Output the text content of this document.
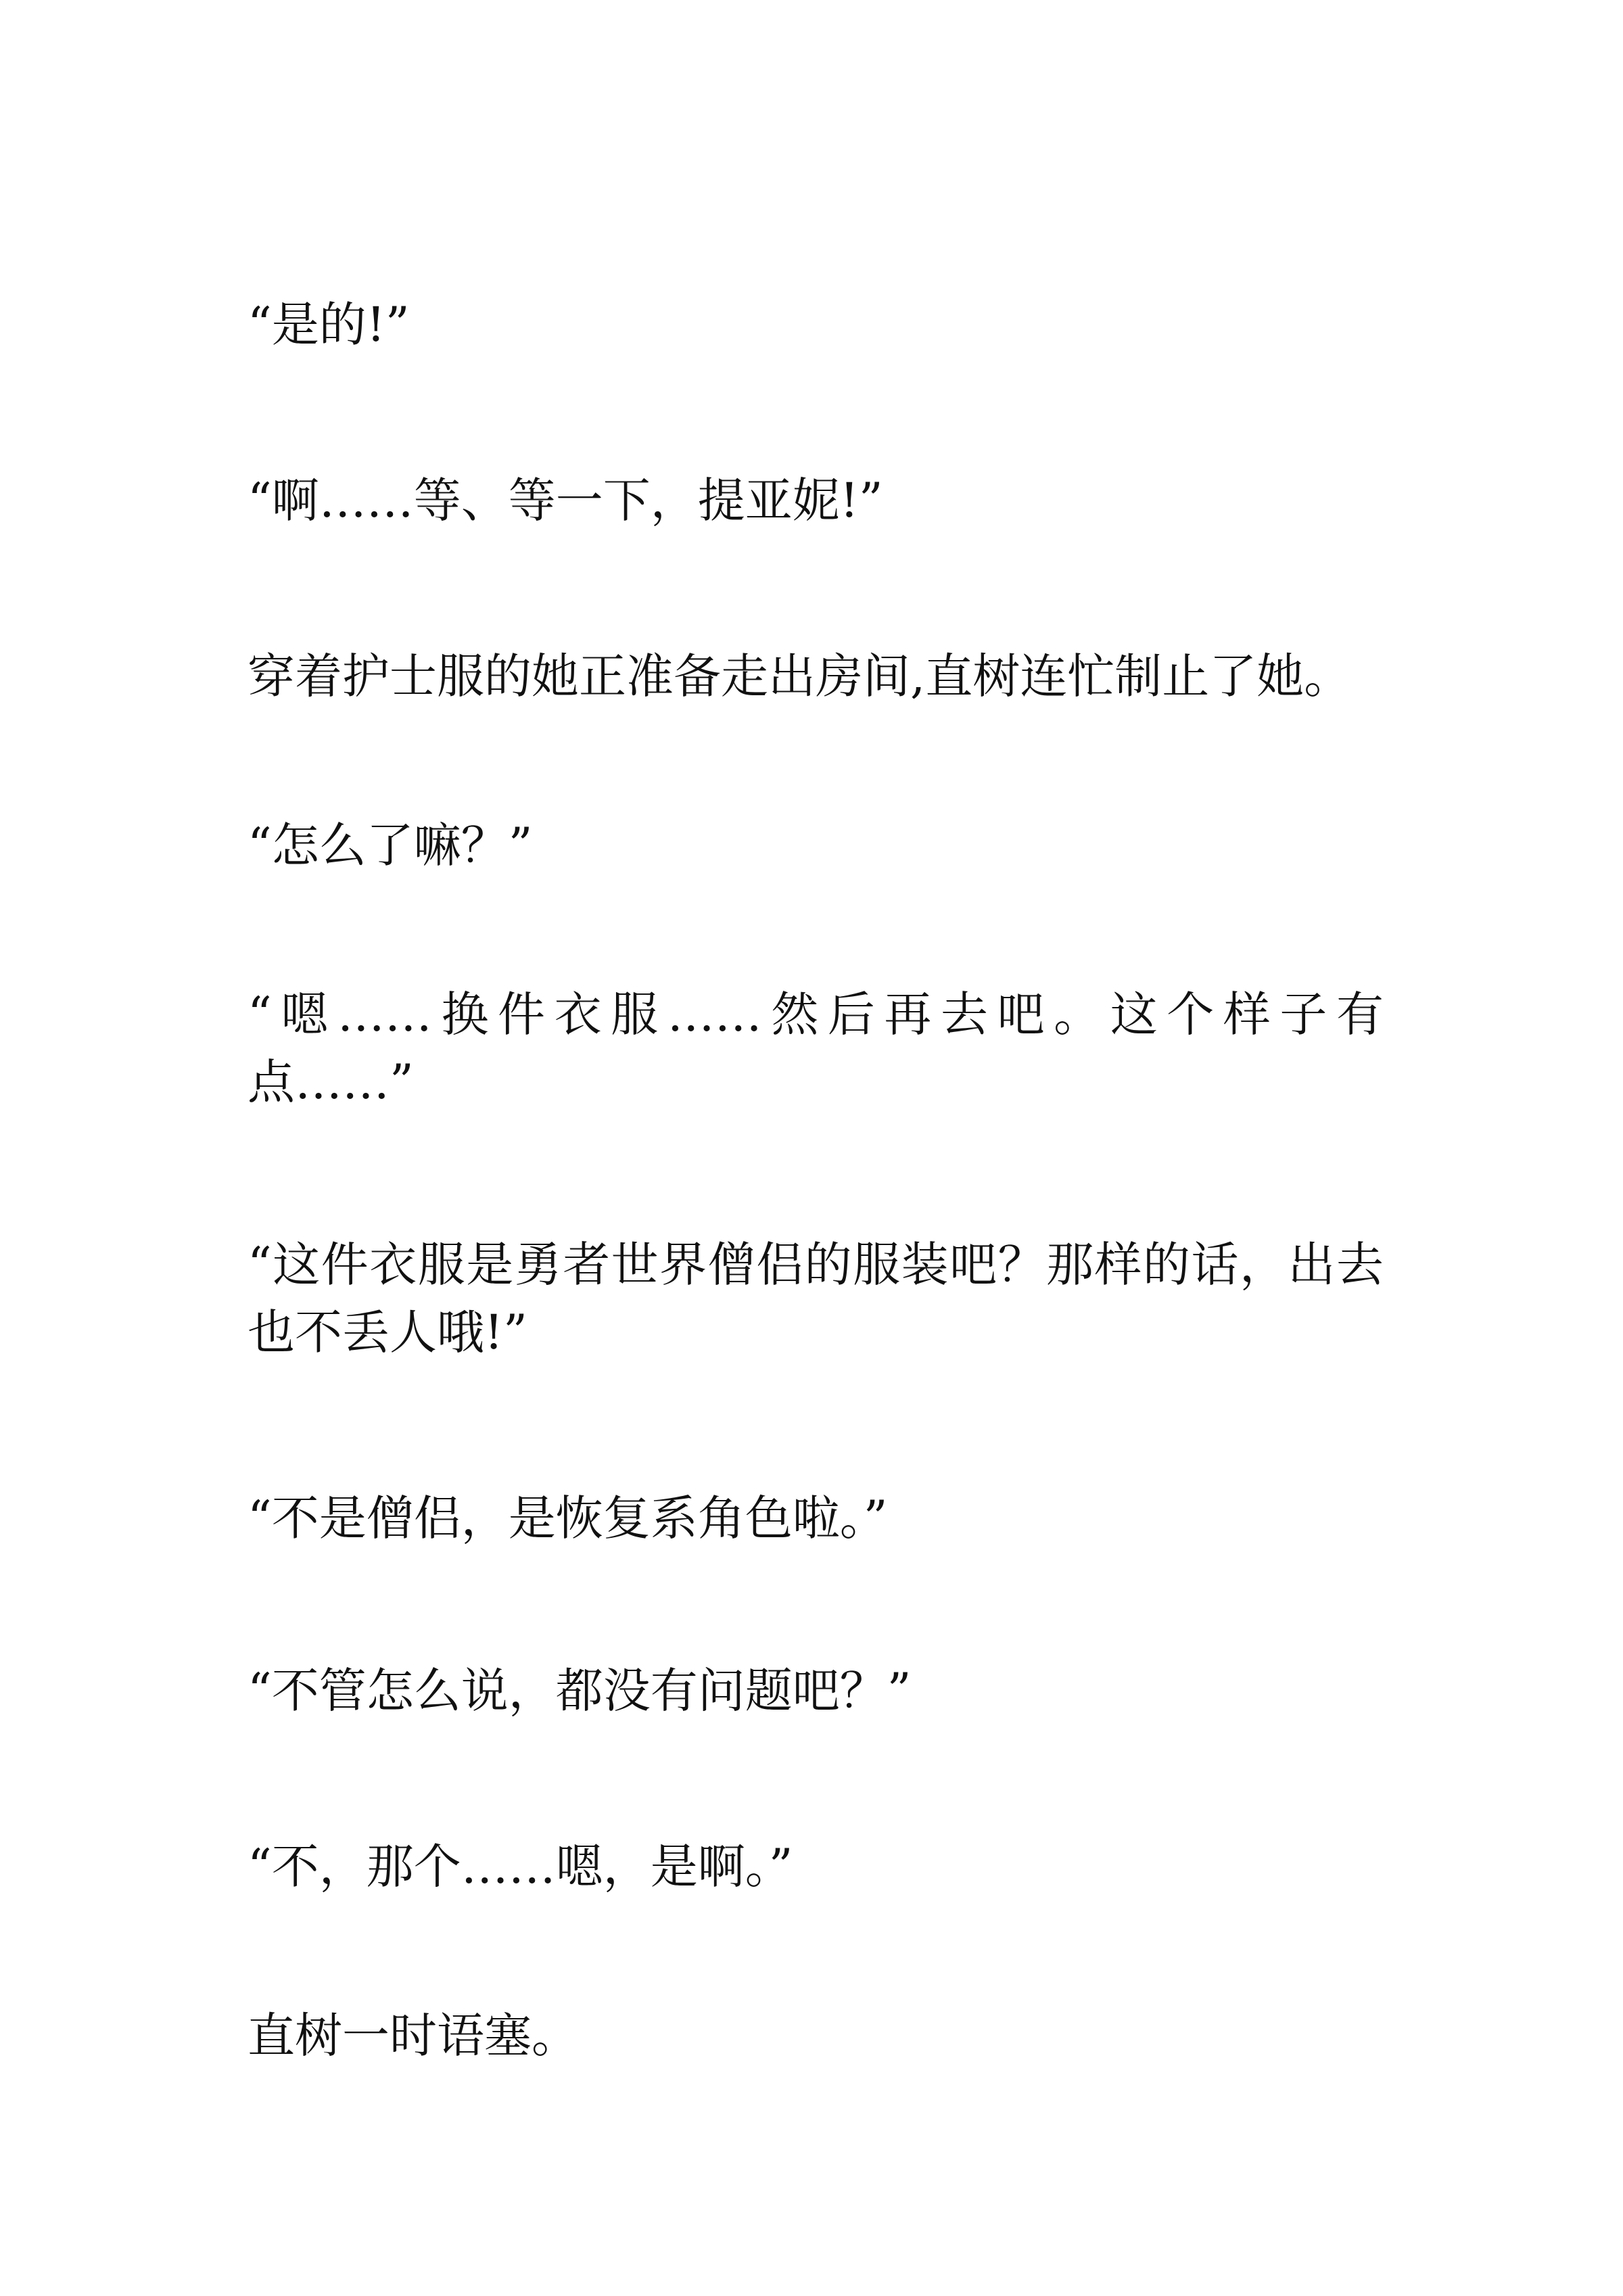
“是的!”

“啊……等、等一下，提亚妮!”

穿着护士服的她正准备走出房间,直树连忙制止了她。

“怎么了嘛？”

“嗯……换件衣服……然后再去吧。这个样子有点……”

“这件衣服是勇者世界僧侣的服装吧？那样的话，出去也不丢人哦!”

“不是僧侣，是恢复系角色啦。”

“不管怎么说，都没有问题吧？”

“不，那个……嗯，是啊。”

直树一时语塞。
